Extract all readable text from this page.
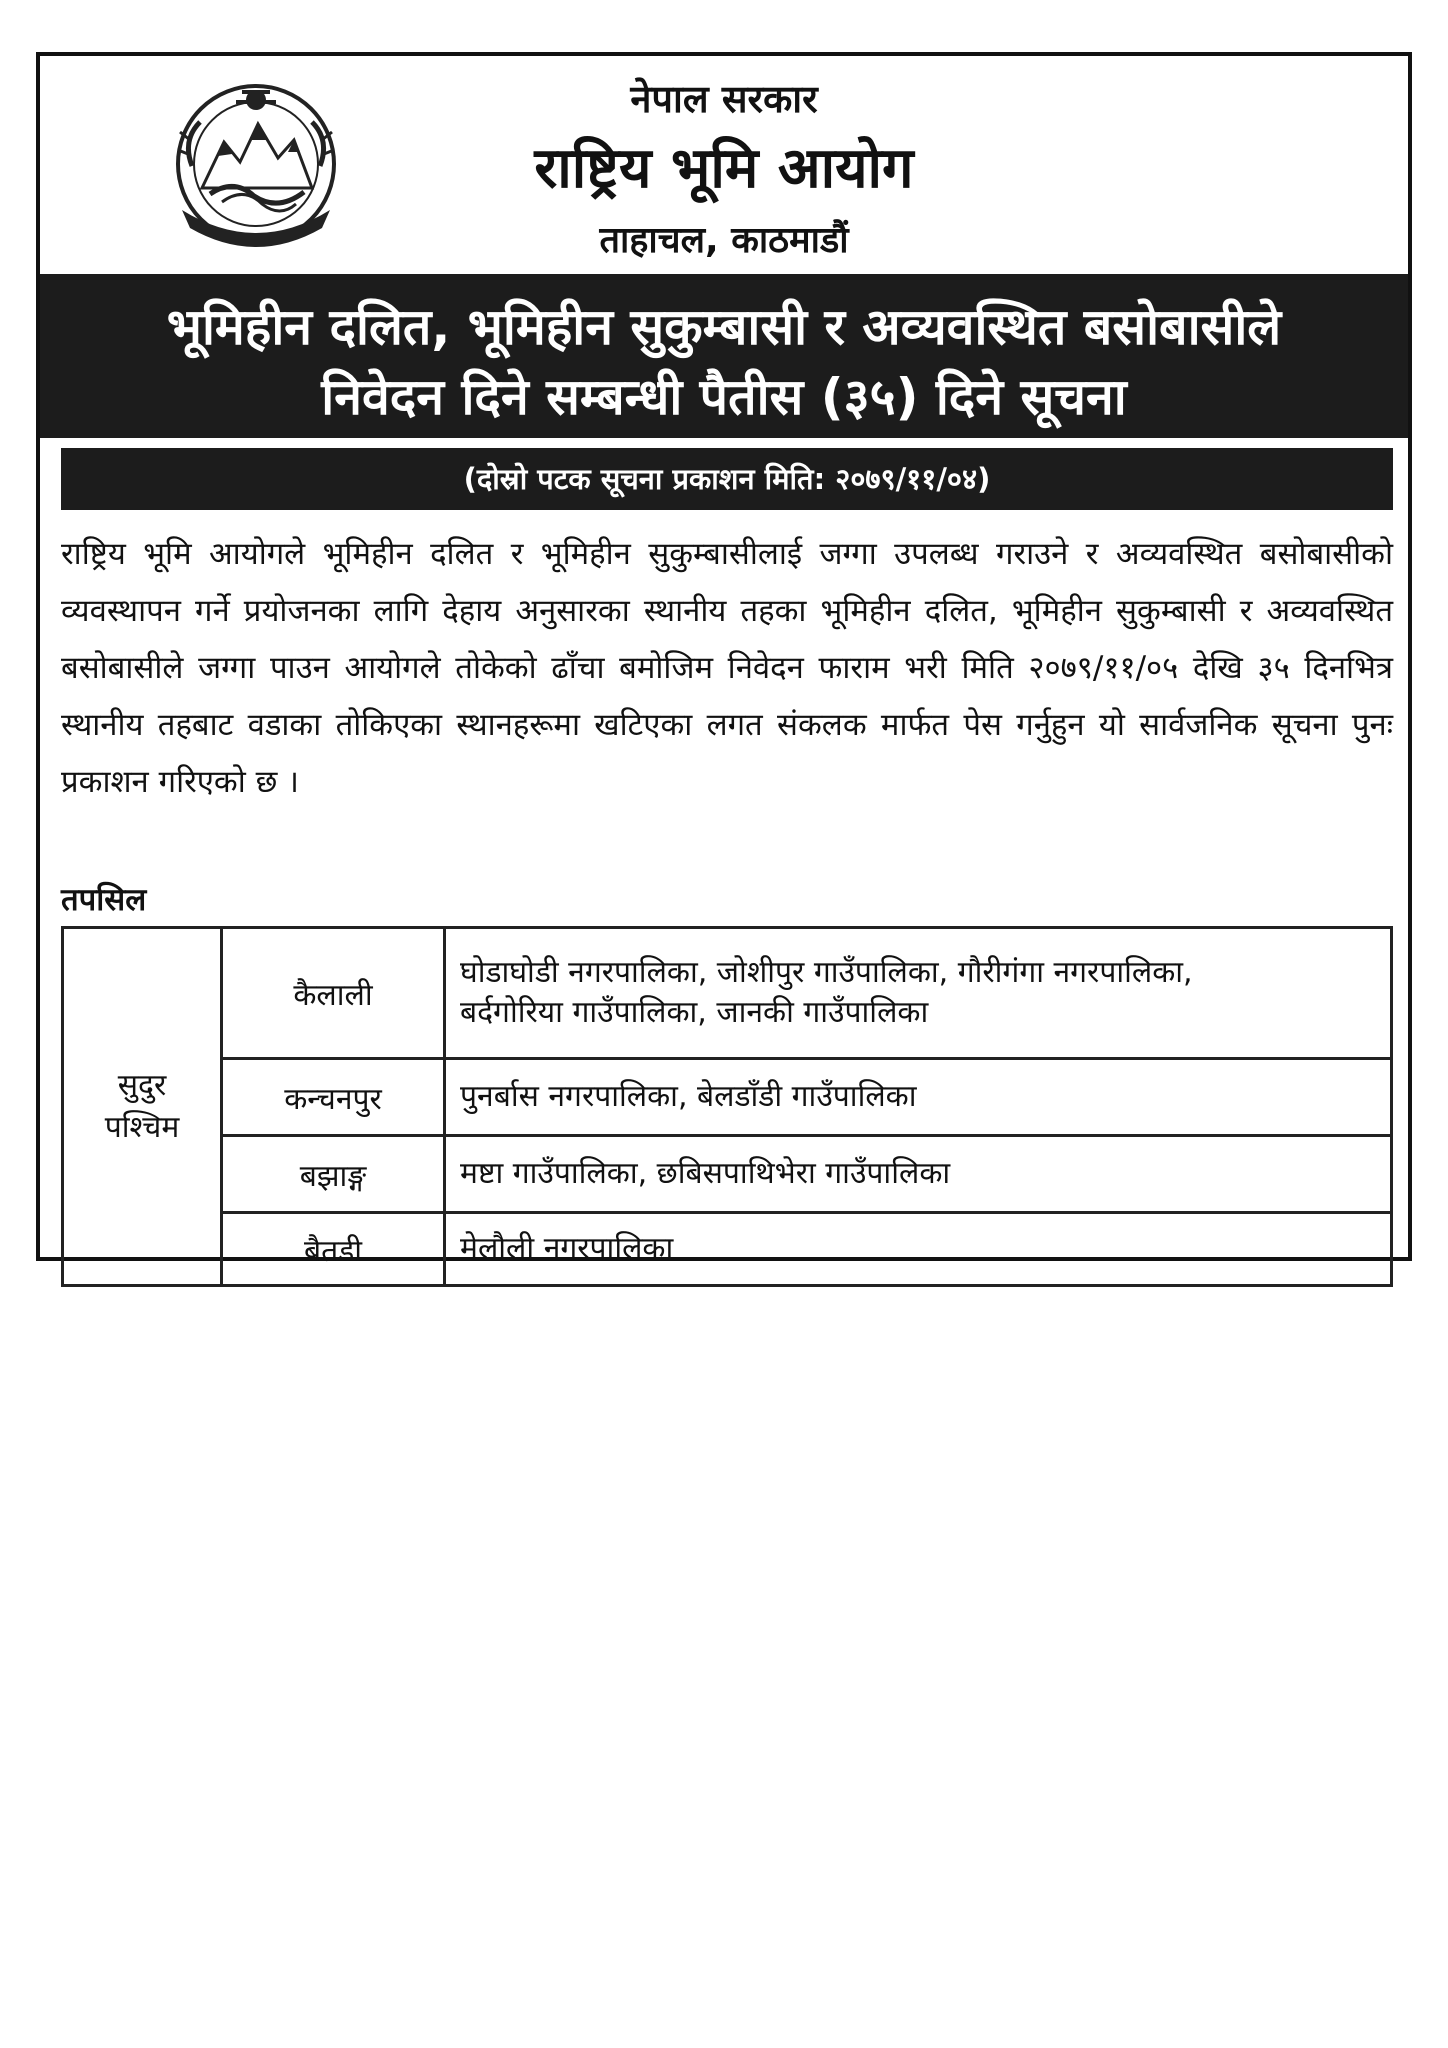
नेपाल सरकार
राष्ट्रिय भूमि आयोग
ताहाचल, काठमाडौं
भूमिहीन दलित, भूमिहीन सुकुम्बासी र अव्यवस्थित बसोबासीले
निवेदन दिने सम्बन्धी पैतीस (३५) दिने सूचना
(दोस्रो पटक सूचना प्रकाशन मिति: २०७९/११/०४)
राष्ट्रिय भूमि आयोगले भूमिहीन दलित र भूमिहीन सुकुम्बासीलाई जग्गा उपलब्ध गराउने र अव्यवस्थित बसोबासीको व्यवस्थापन गर्ने प्रयोजनका लागि देहाय अनुसारका स्थानीय तहका भूमिहीन दलित, भूमिहीन सुकुम्बासी र अव्यवस्थित बसोबासीले जग्गा पाउन आयोगले तोकेको ढाँचा बमोजिम निवेदन फाराम भरी मिति २०७९/११/०५ देखि ३५ दिनभित्र स्थानीय तहबाट वडाका तोकिएका स्थानहरूमा खटिएका लगत संकलक मार्फत पेस गर्नुहुन यो सार्वजनिक सूचना पुनः प्रकाशन गरिएको छ ।
तपसिल
सुदुर
पश्चिम	कैलाली	घोडाघोडी नगरपालिका, जोशीपुर गाउँपालिका, गौरीगंगा नगरपालिका,
बर्दगोरिया गाउँपालिका, जानकी गाउँपालिका
	कन्चनपुर	पुनर्बास नगरपालिका, बेलडाँडी गाउँपालिका
	बझाङ्ग	मष्टा गाउँपालिका, छबिसपाथिभेरा गाउँपालिका
	बैतडी	मेलौली नगरपालिका
